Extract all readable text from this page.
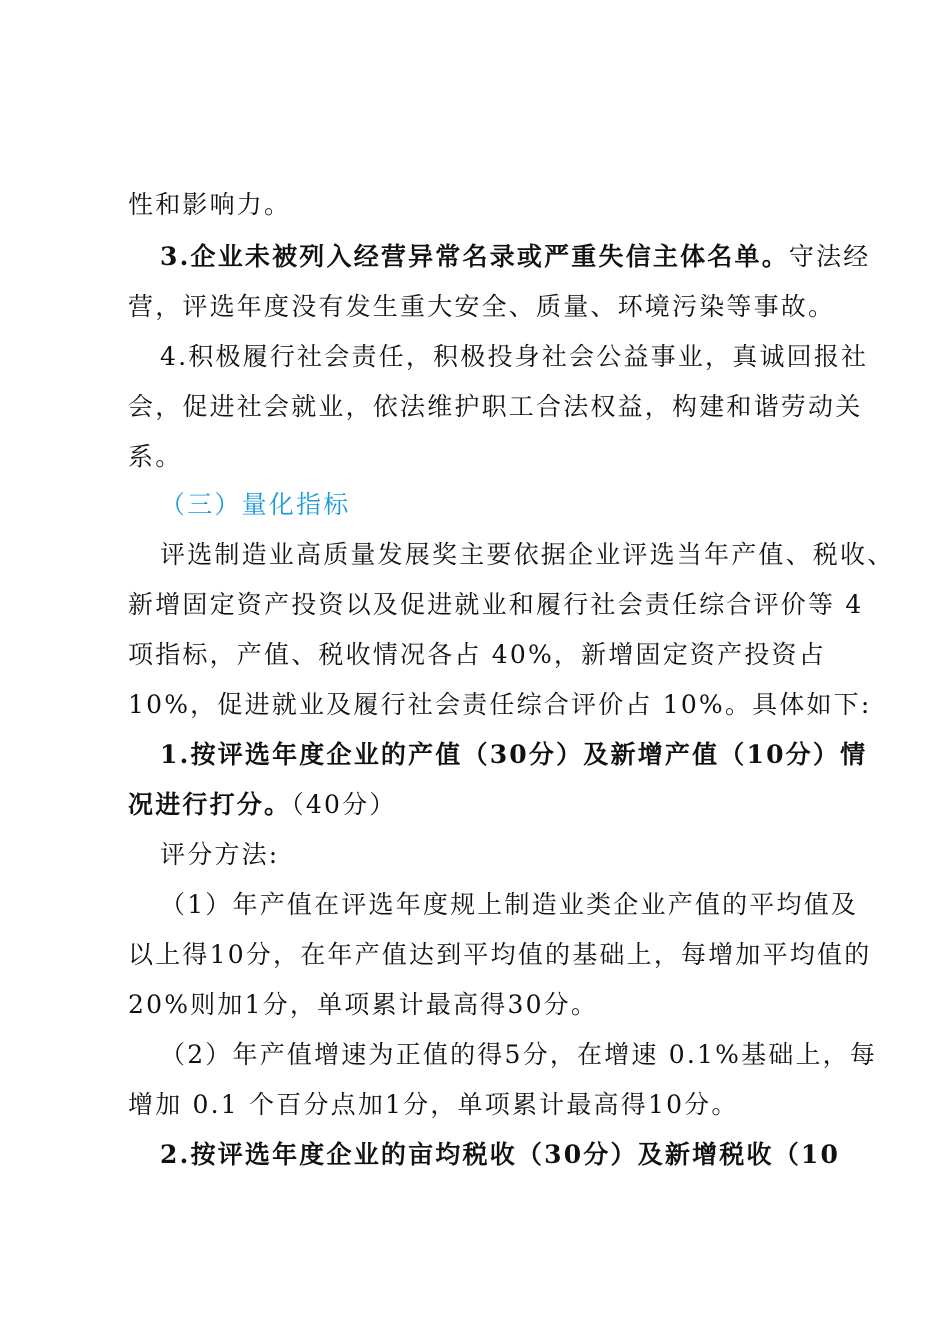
性和影响力。
3.企业未被列入经营异常名录或严重失信主体名单。守法经
营，评选年度没有发生重大安全、质量、环境污染等事故。
4.积极履行社会责任，积极投身社会公益事业，真诚回报社
会，促进社会就业，依法维护职工合法权益，构建和谐劳动关
系。
（三）量化指标
评选制造业高质量发展奖主要依据企业评选当年产值、税收、
新增固定资产投资以及促进就业和履行社会责任综合评价等 4
项指标，产值、税收情况各占 40%，新增固定资产投资占
10%，促进就业及履行社会责任综合评价占 10%。具体如下:
1.按评选年度企业的产值（30分）及新增产值（10分）情
况进行打分。（40分）
评分方法:
（1）年产值在评选年度规上制造业类企业产值的平均值及
以上得10分，在年产值达到平均值的基础上，每增加平均值的
20%则加1分，单项累计最高得30分。
（2）年产值增速为正值的得5分，在增速 0.1%基础上，每
增加 0.1 个百分点加1分，单项累计最高得10分。
2.按评选年度企业的亩均税收（30分）及新增税收（10
